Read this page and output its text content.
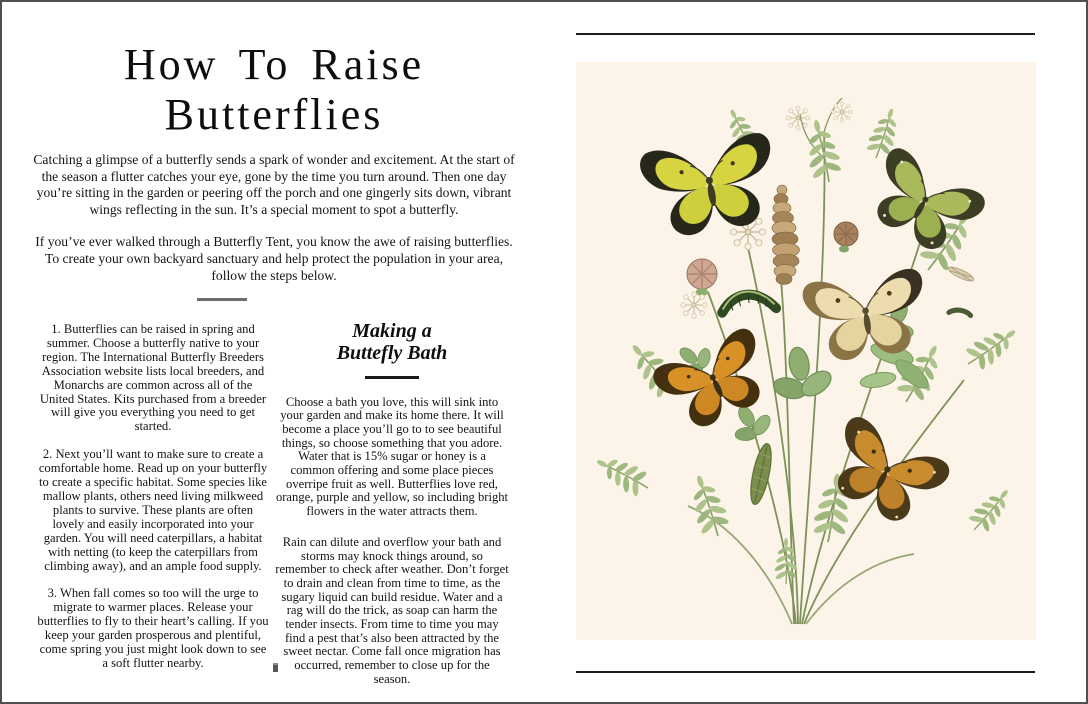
How To Raise
Butterflies

Catching a glimpse of a butterfly sends a spark of wonder and excitement. At the start of the season a flutter catches your eye, gone by the time you turn around. Then one day you’re sitting in the garden or peering off the porch and one gingerly sits down, vibrant wings reflecting in the sun. It’s a special moment to spot a butterfly.

If you’ve ever walked through a Butterfly Tent, you know the awe of raising butterflies. To create your own backyard sanctuary and help protect the population in your area, follow the steps below.

1. Butterflies can be raised in spring and summer. Choose a butterfly native to your region. The International Butterfly Breeders Association website lists local breeders, and Monarchs are common across all of the United States. Kits purchased from a breeder will give you everything you need to get started.

2. Next you’ll want to make sure to create a comfortable home. Read up on your butterfly to create a specific habitat. Some species like mallow plants, others need living milkweed plants to survive. These plants are often lovely and easily incorporated into your garden. You will need caterpillars, a habitat with netting (to keep the caterpillars from climbing away), and an ample food supply.

3. When fall comes so too will the urge to migrate to warmer places. Release your butterflies to fly to their heart’s calling. If you keep your garden prosperous and plentiful, come spring you just might look down to see a soft flutter nearby.

Making a
Buttefly Bath

Choose a bath you love, this will sink into your garden and make its home there. It will become a place you’ll go to to see beautiful things, so choose something that you adore. Water that is 15% sugar or honey is a common offering and some place pieces overripe fruit as well. Butterflies love red, orange, purple and yellow, so including bright flowers in the water attracts them.

Rain can dilute and overflow your bath and storms may knock things around, so remember to check after weather. Don’t forget to drain and clean from time to time, as the sugary liquid can build residue. Water and a rag will do the trick, as soap can harm the tender insects. From time to time you may find a pest that’s also been attracted by the sweet nectar. Come fall once migration has occurred, remember to close up for the season.
